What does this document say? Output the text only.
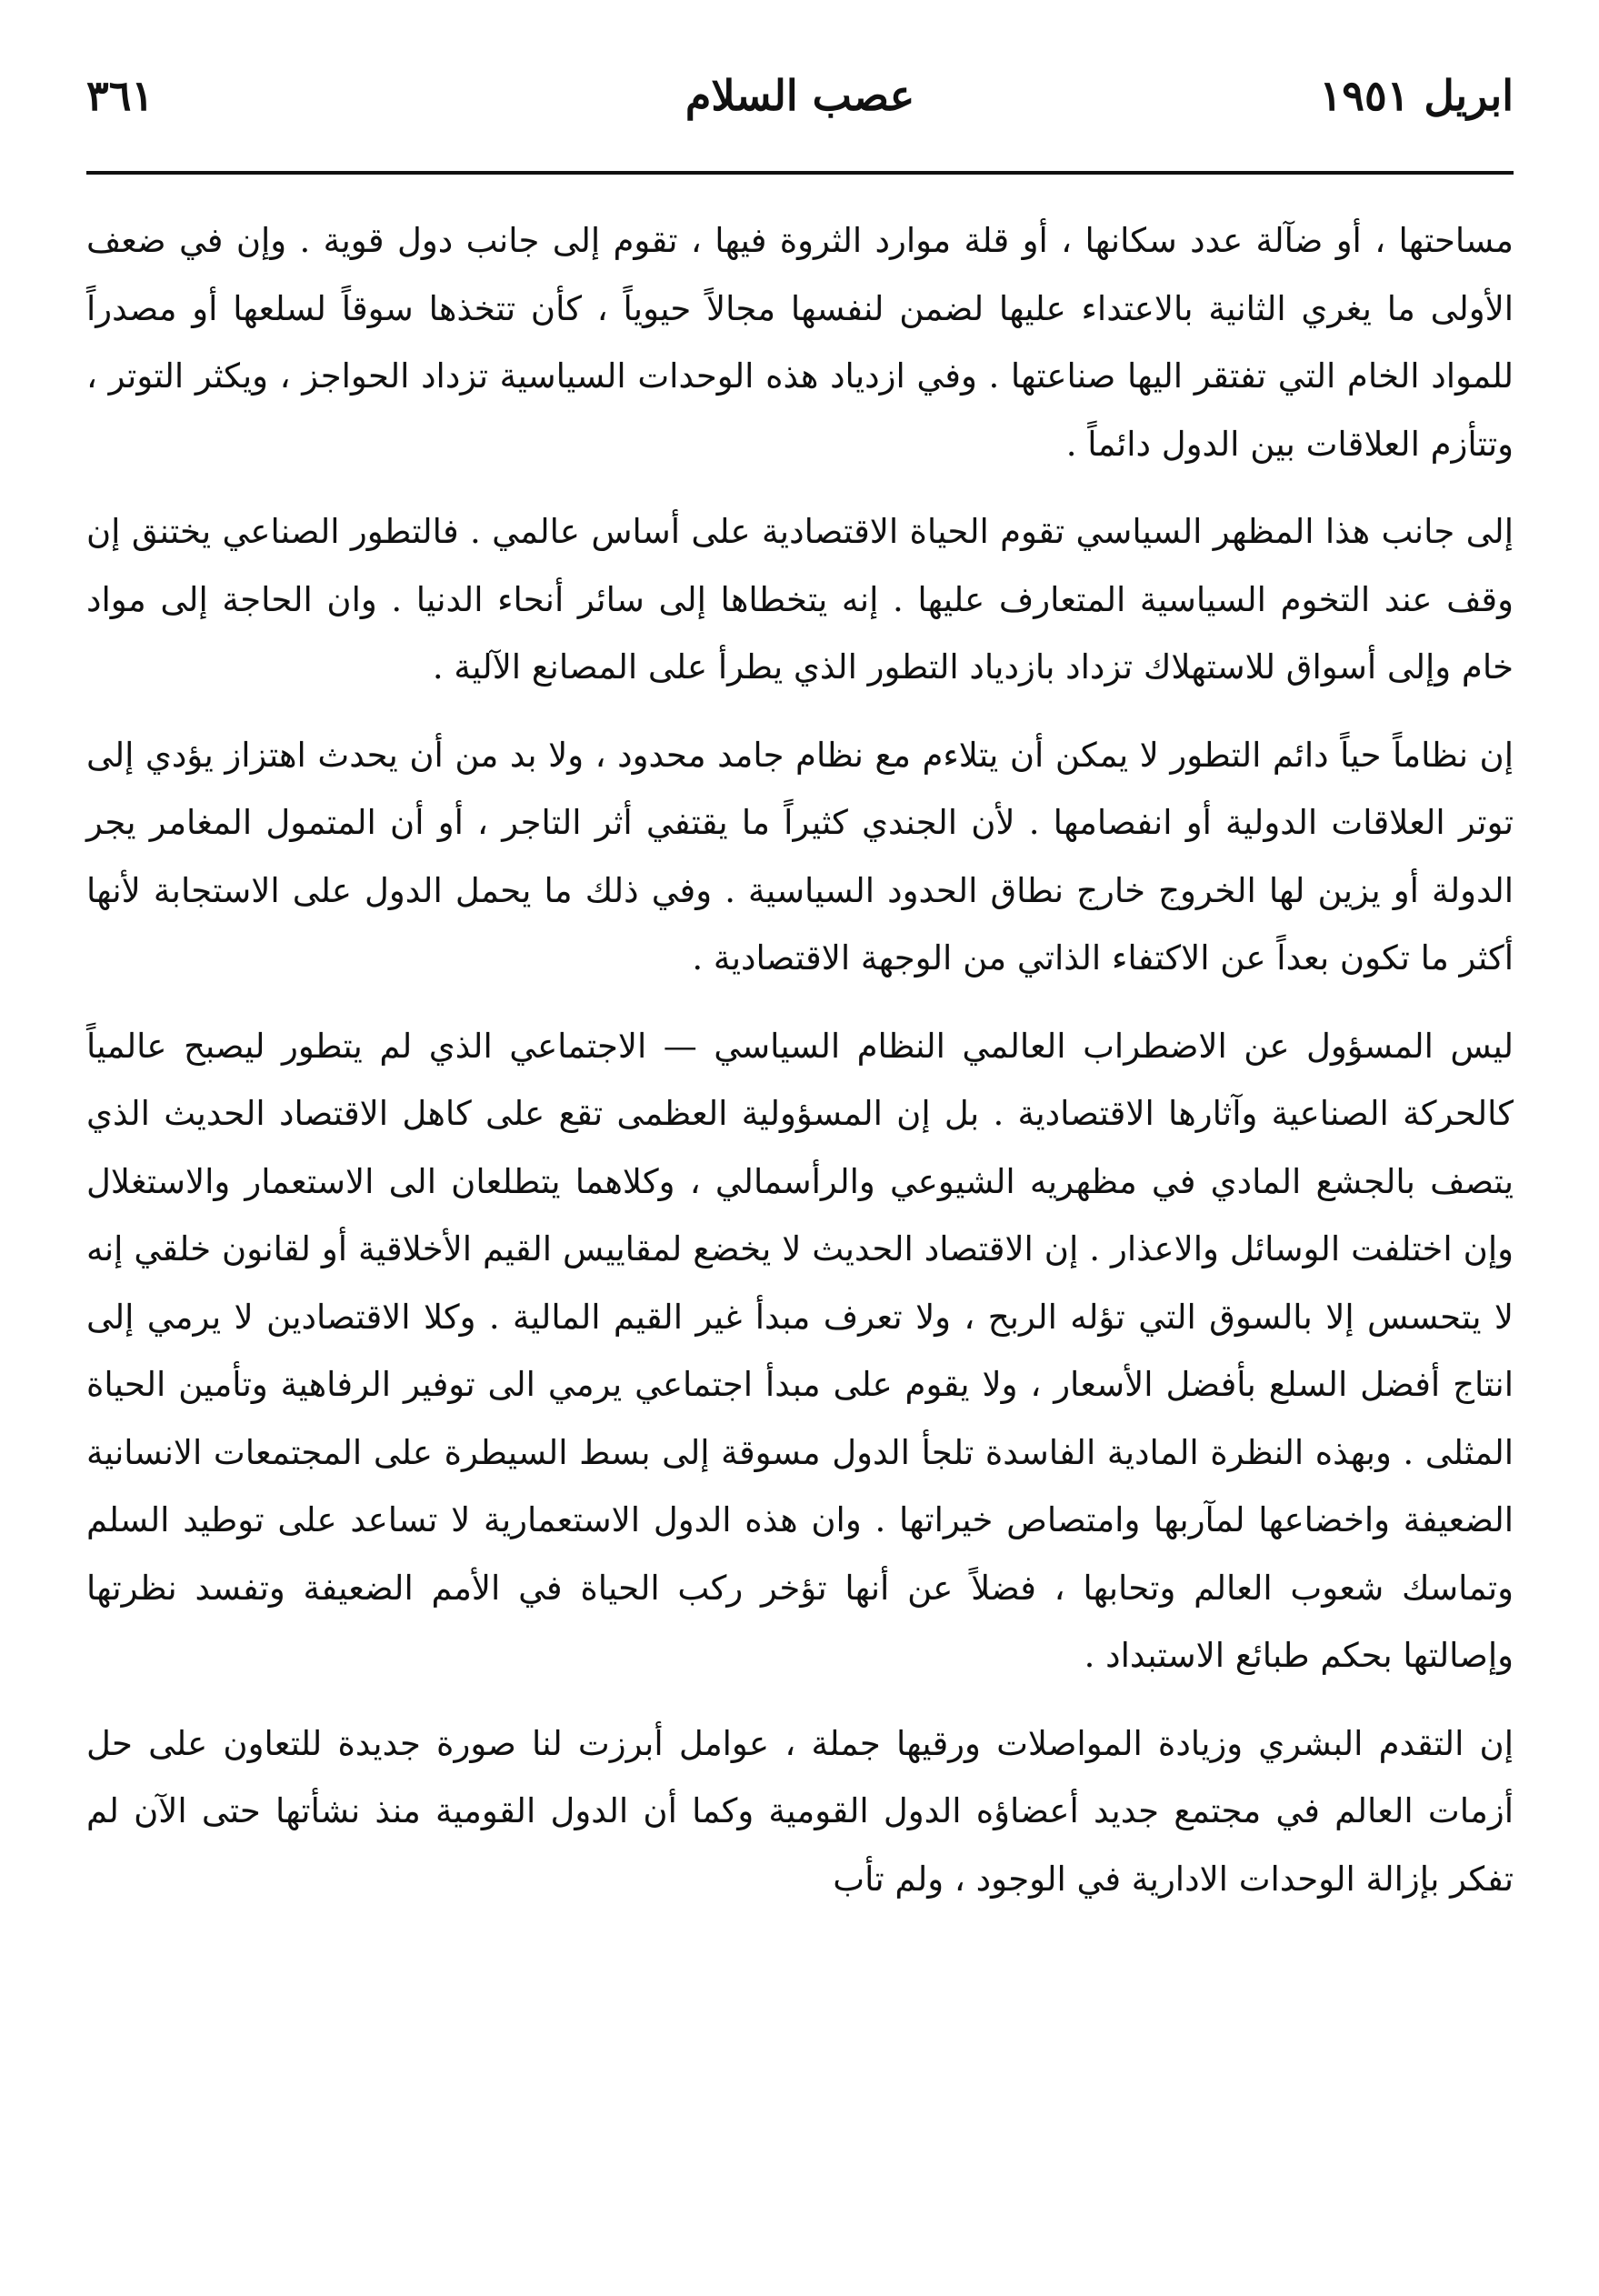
ابريل ١٩٥١
عصب السلام
٣٦١

مساحتها ، أو ضآلة عدد سكانها ، أو قلة موارد الثروة فيها ، تقوم إلى جانب دول قوية . وإن في ضعف الأولى ما يغري الثانية بالاعتداء عليها لضمن لنفسها مجالاً حيوياً ، كأن تتخذها سوقاً لسلعها أو مصدراً للمواد الخام التي تفتقر اليها صناعتها . وفي ازدياد هذه الوحدات السياسية تزداد الحواجز ، ويكثر التوتر ، وتتأزم العلاقات بين الدول دائماً .

إلى جانب هذا المظهر السياسي تقوم الحياة الاقتصادية على أساس عالمي . فالتطور الصناعي يختنق إن وقف عند التخوم السياسية المتعارف عليها . إنه يتخطاها إلى سائر أنحاء الدنيا . وان الحاجة إلى مواد خام وإلى أسواق للاستهلاك تزداد بازدياد التطور الذي يطرأ على المصانع الآلية .

إن نظاماً حياً دائم التطور لا يمكن أن يتلاءم مع نظام جامد محدود ، ولا بد من أن يحدث اهتزاز يؤدي إلى توتر العلاقات الدولية أو انفصامها . لأن الجندي كثيراً ما يقتفي أثر التاجر ، أو أن المتمول المغامر يجر الدولة أو يزين لها الخروج خارج نطاق الحدود السياسية . وفي ذلك ما يحمل الدول على الاستجابة لأنها أكثر ما تكون بعداً عن الاكتفاء الذاتي من الوجهة الاقتصادية .

ليس المسؤول عن الاضطراب العالمي النظام السياسي — الاجتماعي الذي لم يتطور ليصبح عالمياً كالحركة الصناعية وآثارها الاقتصادية . بل إن المسؤولية العظمى تقع على كاهل الاقتصاد الحديث الذي يتصف بالجشع المادي في مظهريه الشيوعي والرأسمالي ، وكلاهما يتطلعان الى الاستعمار والاستغلال وإن اختلفت الوسائل والاعذار . إن الاقتصاد الحديث لا يخضع لمقاييس القيم الأخلاقية أو لقانون خلقي إنه لا يتحسس إلا بالسوق التي تؤله الربح ، ولا تعرف مبدأ غير القيم المالية . وكلا الاقتصادين لا يرمي إلى انتاج أفضل السلع بأفضل الأسعار ، ولا يقوم على مبدأ اجتماعي يرمي الى توفير الرفاهية وتأمين الحياة المثلى . وبهذه النظرة المادية الفاسدة تلجأ الدول مسوقة إلى بسط السيطرة على المجتمعات الانسانية الضعيفة واخضاعها لمآربها وامتصاص خيراتها . وان هذه الدول الاستعمارية لا تساعد على توطيد السلم وتماسك شعوب العالم وتحابها ، فضلاً عن أنها تؤخر ركب الحياة في الأمم الضعيفة وتفسد نظرتها وإصالتها بحكم طبائع الاستبداد .

إن التقدم البشري وزيادة المواصلات ورقيها جملة ، عوامل أبرزت لنا صورة جديدة للتعاون على حل أزمات العالم في مجتمع جديد أعضاؤه الدول القومية وكما أن الدول القومية منذ نشأتها حتى الآن لم تفكر بإزالة الوحدات الادارية في الوجود ، ولم تأب
